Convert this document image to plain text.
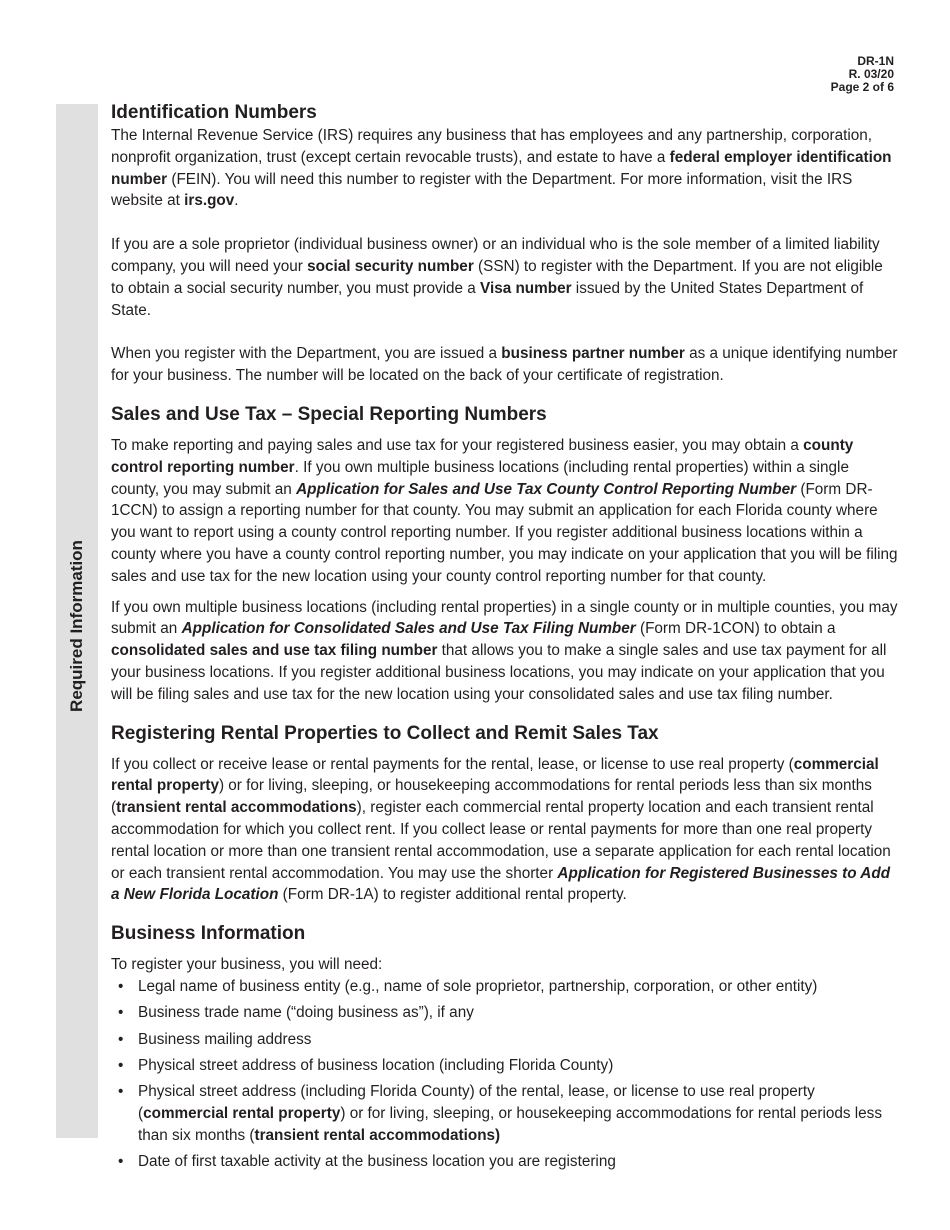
DR-1N
R. 03/20
Page 2 of 6
Required Information
Identification Numbers

The Internal Revenue Service (IRS) requires any business that has employees and any partnership, corporation, nonprofit organization, trust (except certain revocable trusts), and estate to have a federal employer identification number (FEIN). You will need this number to register with the Department. For more information, visit the IRS website at irs.gov.

If you are a sole proprietor (individual business owner) or an individual who is the sole member of a limited liability company, you will need your social security number (SSN) to register with the Department. If you are not eligible to obtain a social security number, you must provide a Visa number issued by the United States Department of State.

When you register with the Department, you are issued a business partner number as a unique identifying number for your business. The number will be located on the back of your certificate of registration.

Sales and Use Tax – Special Reporting Numbers

To make reporting and paying sales and use tax for your registered business easier, you may obtain a county control reporting number. If you own multiple business locations (including rental properties) within a single county, you may submit an Application for Sales and Use Tax County Control Reporting Number (Form DR-1CCN) to assign a reporting number for that county. You may submit an application for each Florida county where you want to report using a county control reporting number. If you register additional business locations within a county where you have a county control reporting number, you may indicate on your application that you will be filing sales and use tax for the new location using your county control reporting number for that county.

If you own multiple business locations (including rental properties) in a single county or in multiple counties, you may submit an Application for Consolidated Sales and Use Tax Filing Number (Form DR-1CON) to obtain a consolidated sales and use tax filing number that allows you to make a single sales and use tax payment for all your business locations. If you register additional business locations, you may indicate on your application that you will be filing sales and use tax for the new location using your consolidated sales and use tax filing number.

Registering Rental Properties to Collect and Remit Sales Tax

If you collect or receive lease or rental payments for the rental, lease, or license to use real property (commercial rental property) or for living, sleeping, or housekeeping accommodations for rental periods less than six months (transient rental accommodations), register each commercial rental property location and each transient rental accommodation for which you collect rent. If you collect lease or rental payments for more than one real property rental location or more than one transient rental accommodation, use a separate application for each rental location or each transient rental accommodation. You may use the shorter Application for Registered Businesses to Add a New Florida Location (Form DR-1A) to register additional rental property.

Business Information

To register your business, you will need:

• Legal name of business entity (e.g., name of sole proprietor, partnership, corporation, or other entity)
• Business trade name (“doing business as”), if any
• Business mailing address
• Physical street address of business location (including Florida County)
• Physical street address (including Florida County) of the rental, lease, or license to use real property (commercial rental property) or for living, sleeping, or housekeeping accommodations for rental periods less than six months (transient rental accommodations)
• Date of first taxable activity at the business location you are registering
